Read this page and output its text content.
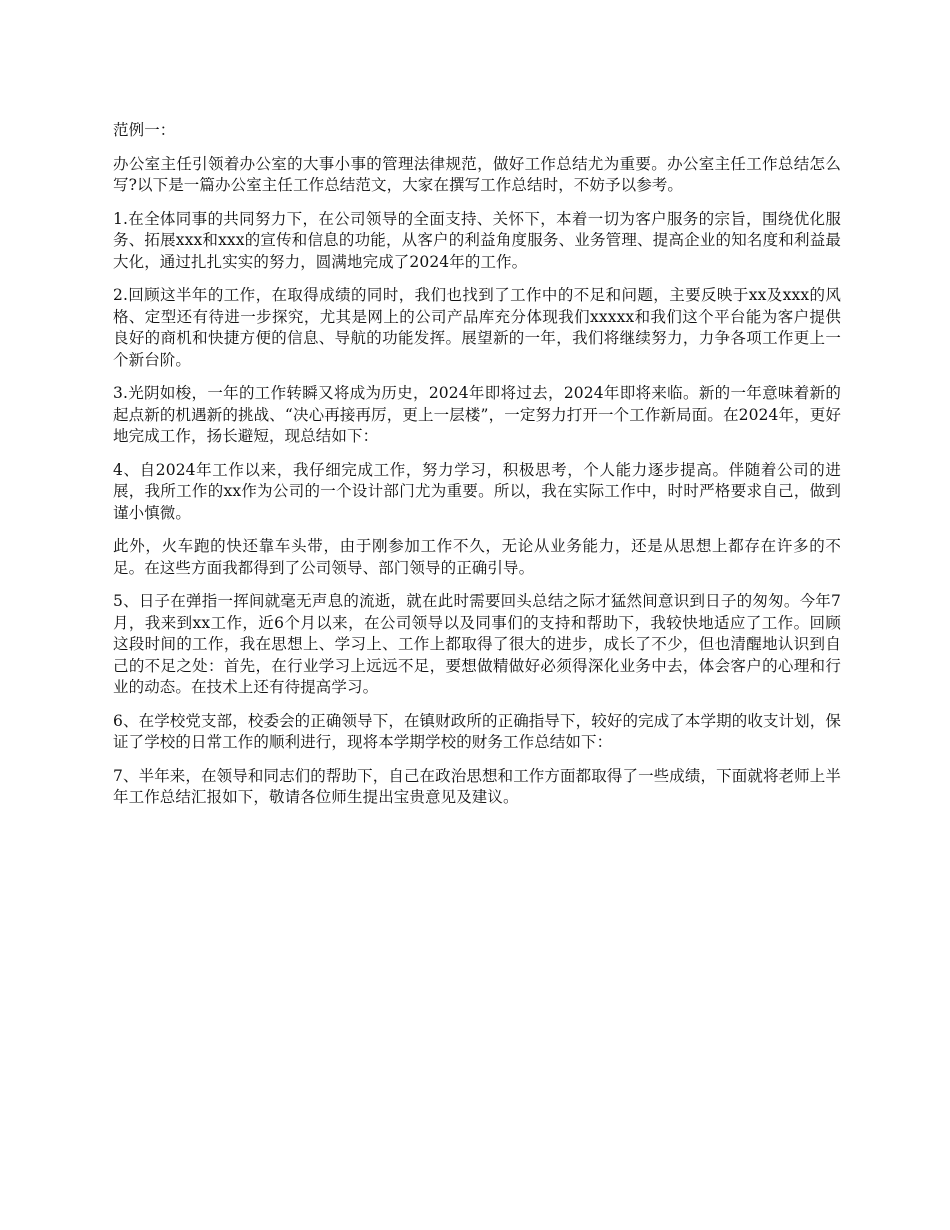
范例一：

办公室主任引领着办公室的大事小事的管理法律规范，做好工作总结尤为重要。办公室主任工作总结怎么写?以下是一篇办公室主任工作总结范文，大家在撰写工作总结时，不妨予以参考。

1.在全体同事的共同努力下，在公司领导的全面支持、关怀下，本着一切为客户服务的宗旨，围绕优化服务、拓展xxx和xxx的宣传和信息的功能，从客户的利益角度服务、业务管理、提高企业的知名度和利益最大化，通过扎扎实实的努力，圆满地完成了2024年的工作。

2.回顾这半年的工作，在取得成绩的同时，我们也找到了工作中的不足和问题，主要反映于xx及xxx的风格、定型还有待进一步探究，尤其是网上的公司产品库充分体现我们xxxxx和我们这个平台能为客户提供良好的商机和快捷方便的信息、导航的功能发挥。展望新的一年，我们将继续努力，力争各项工作更上一个新台阶。

3.光阴如梭，一年的工作转瞬又将成为历史，2024年即将过去，2024年即将来临。新的一年意味着新的起点新的机遇新的挑战、“决心再接再厉，更上一层楼”，一定努力打开一个工作新局面。在2024年，更好地完成工作，扬长避短，现总结如下：

4、自2024年工作以来，我仔细完成工作，努力学习，积极思考，个人能力逐步提高。伴随着公司的进展，我所工作的xx作为公司的一个设计部门尤为重要。所以，我在实际工作中，时时严格要求自己，做到谨小慎微。

此外，火车跑的快还靠车头带，由于刚参加工作不久，无论从业务能力，还是从思想上都存在许多的不足。在这些方面我都得到了公司领导、部门领导的正确引导。

5、日子在弹指一挥间就毫无声息的流逝，就在此时需要回头总结之际才猛然间意识到日子的匆匆。今年7月，我来到xx工作，近6个月以来，在公司领导以及同事们的支持和帮助下，我较快地适应了工作。回顾这段时间的工作，我在思想上、学习上、工作上都取得了很大的进步，成长了不少，但也清醒地认识到自己的不足之处：首先，在行业学习上远远不足，要想做精做好必须得深化业务中去，体会客户的心理和行业的动态。在技术上还有待提高学习。

6、在学校党支部，校委会的正确领导下，在镇财政所的正确指导下，较好的完成了本学期的收支计划，保证了学校的日常工作的顺利进行，现将本学期学校的财务工作总结如下：

7、半年来，在领导和同志们的帮助下，自己在政治思想和工作方面都取得了一些成绩，下面就将老师上半年工作总结汇报如下，敬请各位师生提出宝贵意见及建议。
